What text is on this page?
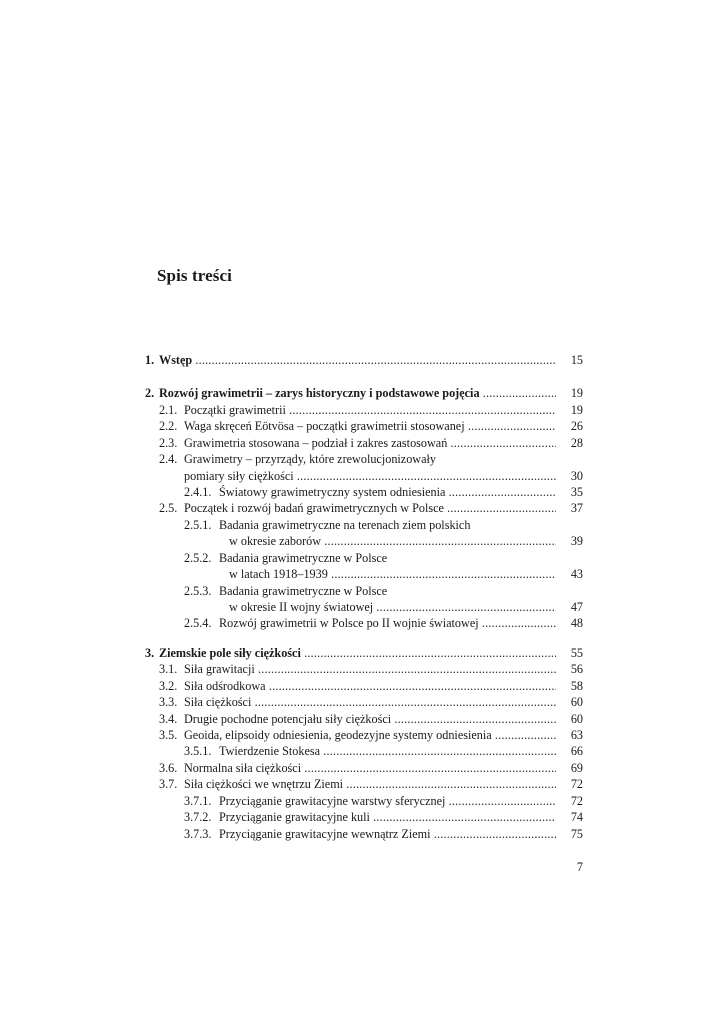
Spis treści
1. Wstęp .....	15
2. Rozwój grawimetrii – zarys historyczny i podstawowe pojęcia .....	19
2.1. Początki grawimetrii .....	19
2.2. Waga skręceń Eötvösa – początki grawimetrii stosowanej .....	26
2.3. Grawimetria stosowana – podział i zakres zastosowań .....	28
2.4. Grawimetry – przyrządy, które zrewolucjonizowały
pomiary siły ciężkości .....	30
2.4.1. Światowy grawimetryczny system odniesienia .....	35
2.5. Początek i rozwój badań grawimetrycznych w Polsce .....	37
2.5.1. Badania grawimetryczne na terenach ziem polskich
w okresie zaborów .....	39
2.5.2. Badania grawimetryczne w Polsce
w latach 1918–1939 .....	43
2.5.3. Badania grawimetryczne w Polsce
w okresie II wojny światowej .....	47
2.5.4. Rozwój grawimetrii w Polsce po II wojnie światowej .....	48
3. Ziemskie pole siły ciężkości .....	55
3.1. Siła grawitacji .....	56
3.2. Siła odśrodkowa .....	58
3.3. Siła ciężkości .....	60
3.4. Drugie pochodne potencjału siły ciężkości .....	60
3.5. Geoida, elipsoidy odniesienia, geodezyjne systemy odniesienia .....	63
3.5.1. Twierdzenie Stokesa .....	66
3.6. Normalna siła ciężkości .....	69
3.7. Siła ciężkości we wnętrzu Ziemi .....	72
3.7.1. Przyciąganie grawitacyjne warstwy sferycznej .....	72
3.7.2. Przyciąganie grawitacyjne kuli .....	74
3.7.3. Przyciąganie grawitacyjne wewnątrz Ziemi .....	75
7
